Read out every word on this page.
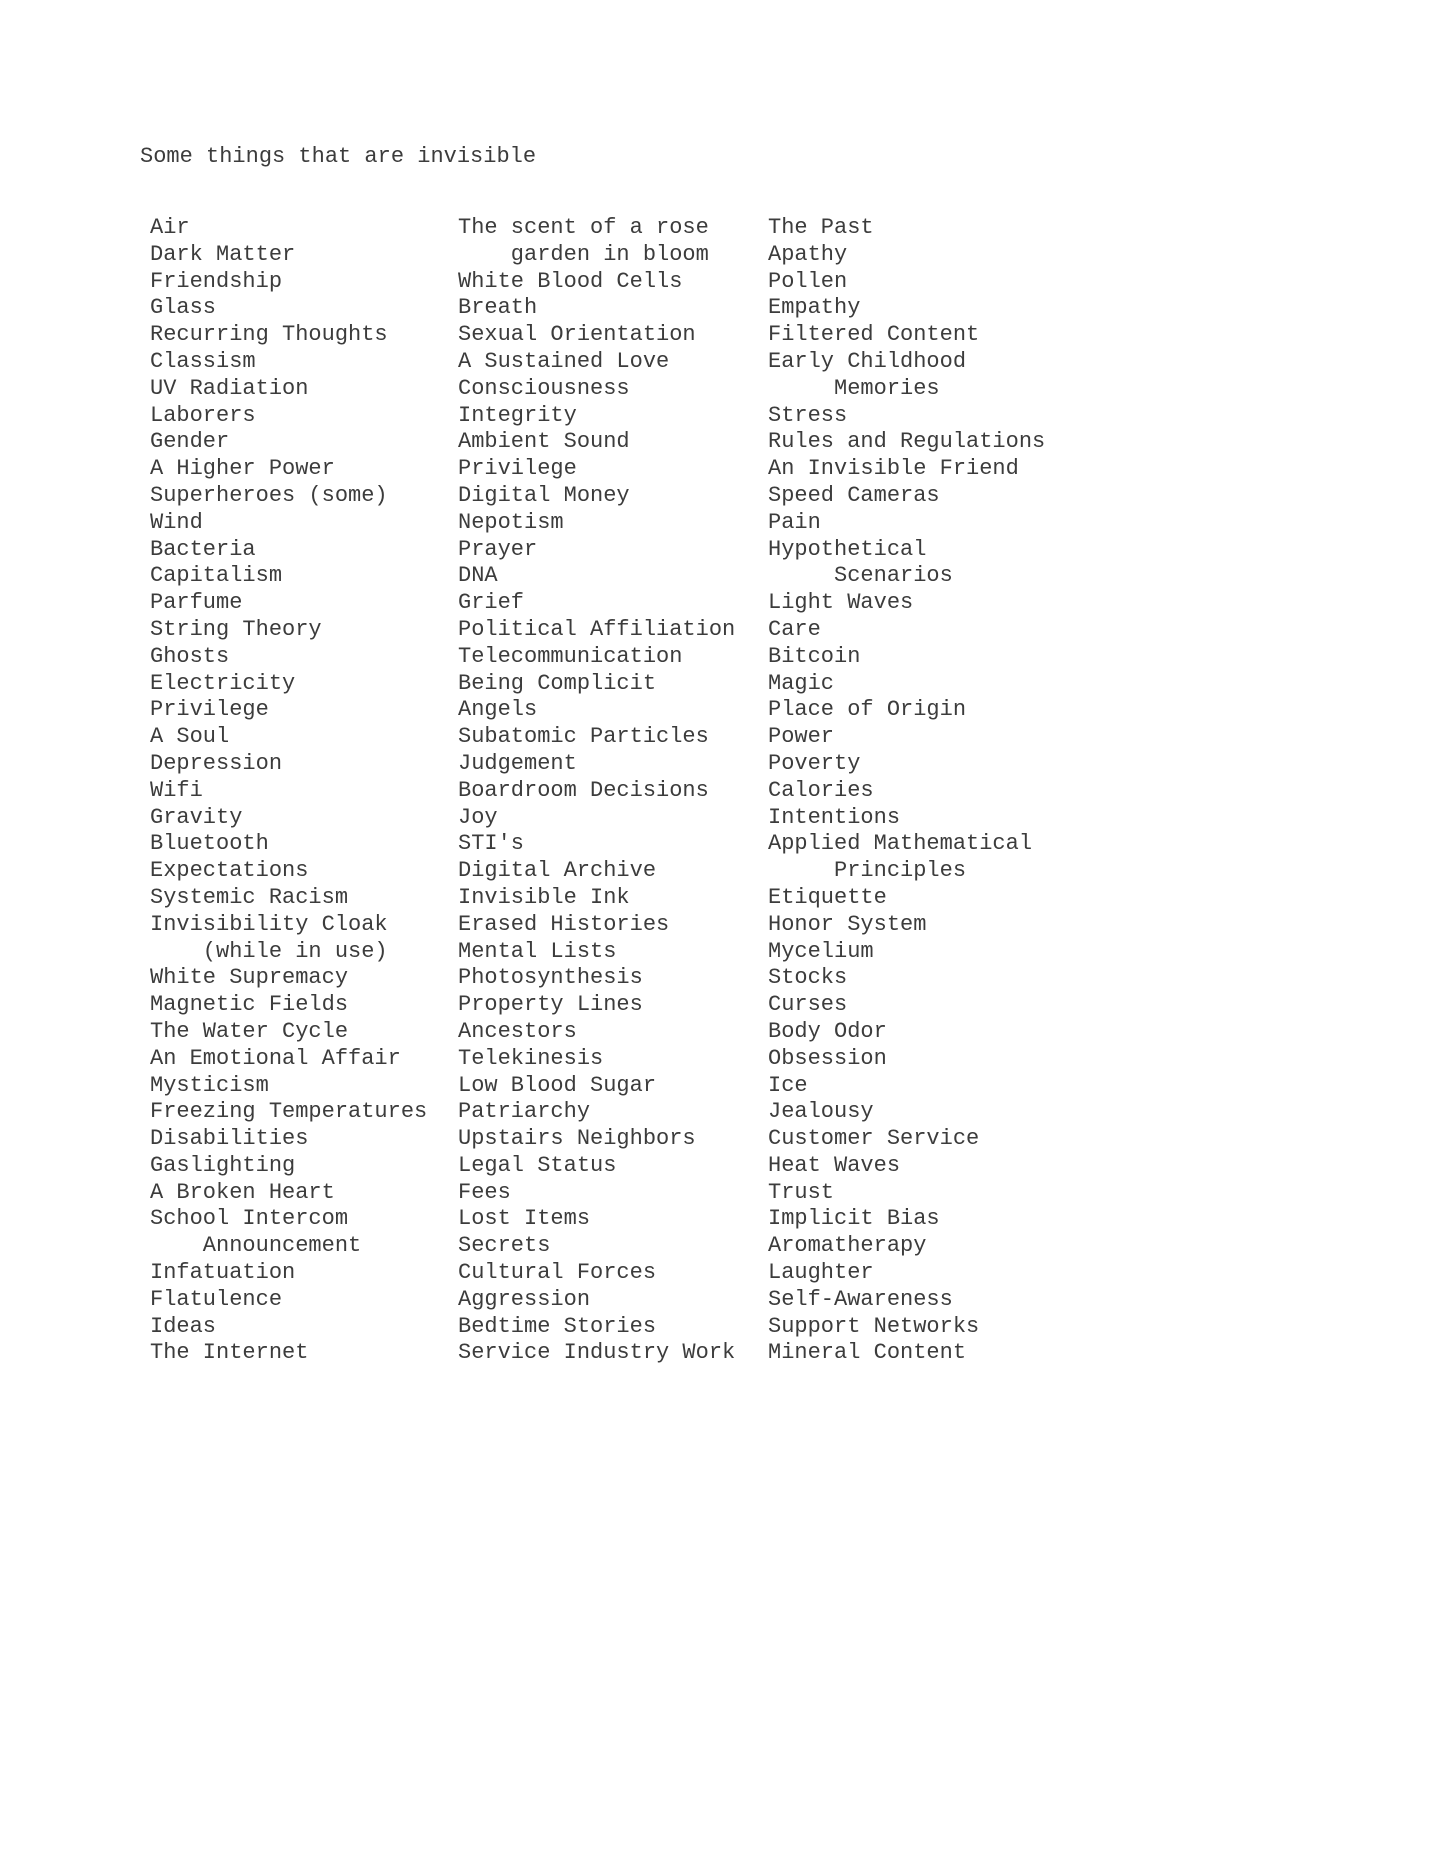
Some things that are invisible
Air
Dark Matter
Friendship
Glass
Recurring Thoughts
Classism
UV Radiation
Laborers
Gender
A Higher Power
Superheroes (some)
Wind
Bacteria
Capitalism
Parfume
String Theory
Ghosts
Electricity
Privilege
A Soul
Depression
Wifi
Gravity
Bluetooth
Expectations
Systemic Racism
Invisibility Cloak
(while in use)
White Supremacy
Magnetic Fields
The Water Cycle
An Emotional Affair
Mysticism
Freezing Temperatures
Disabilities
Gaslighting
A Broken Heart
School Intercom
Announcement
Infatuation
Flatulence
Ideas
The Internet
The scent of a rose
garden in bloom
White Blood Cells
Breath
Sexual Orientation
A Sustained Love
Consciousness
Integrity
Ambient Sound
Privilege
Digital Money
Nepotism
Prayer
DNA
Grief
Political Affiliation
Telecommunication
Being Complicit
Angels
Subatomic Particles
Judgement
Boardroom Decisions
Joy
STI's
Digital Archive
Invisible Ink
Erased Histories
Mental Lists
Photosynthesis
Property Lines
Ancestors
Telekinesis
Low Blood Sugar
Patriarchy
Upstairs Neighbors
Legal Status
Fees
Lost Items
Secrets
Cultural Forces
Aggression
Bedtime Stories
Service Industry Work
The Past
Apathy
Pollen
Empathy
Filtered Content
Early Childhood
Memories
Stress
Rules and Regulations
An Invisible Friend
Speed Cameras
Pain
Hypothetical
Scenarios
Light Waves
Care
Bitcoin
Magic
Place of Origin
Power
Poverty
Calories
Intentions
Applied Mathematical
Principles
Etiquette
Honor System
Mycelium
Stocks
Curses
Body Odor
Obsession
Ice
Jealousy
Customer Service
Heat Waves
Trust
Implicit Bias
Aromatherapy
Laughter
Self-Awareness
Support Networks
Mineral Content
